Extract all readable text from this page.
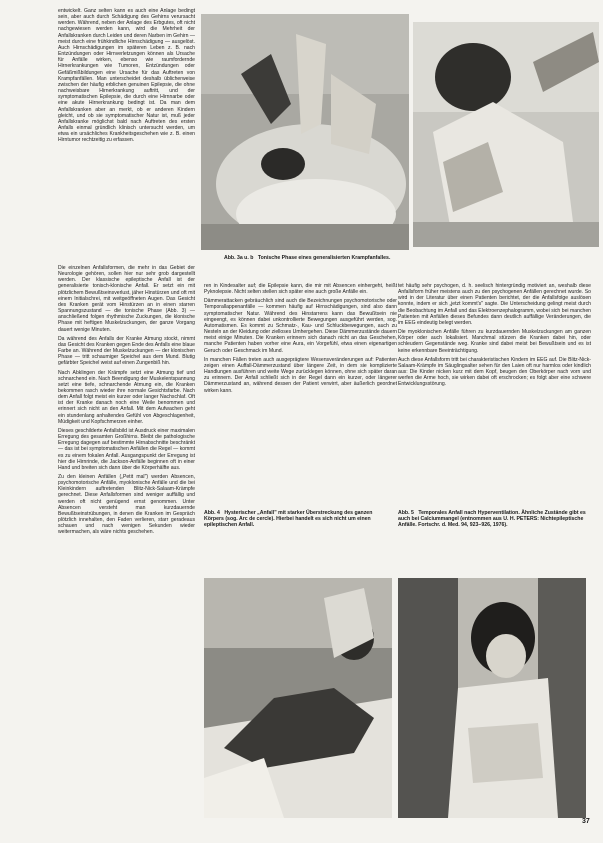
entwickelt. Ganz selten kann es auch eine Anlage bedingt sein, aber auch durch Schädigung des Gehirns verursacht werden. Während, neben der Anlage des Erbgutes, oft nicht nachgewiesen werden kann, wird die Mehrheit der Anfallskranken durch Leiden und deren Narben im Gehirn — meist durch eine frühkindliche Hirnschädigung — ausgelöst. Auch Hirnschädigungen im späteren Leben z. B. nach Entzündungen oder Hirnverletzungen können als Ursache für Anfälle wirken, ebenso wie raumfordernde Hirnerkrankungen wie Tumoren, Entzündungen oder Gefäßmißbildungen eine Ursache für das Auftreten von Krampfanfällen. Man unterscheidet deshalb üblicherweise zwischen der häufig erblichen genuinen Epilepsie, die ohne nachweisbare Hirnerkrankung auftritt, und der symptomatischen Epilepsie, die durch eine Hirnnarbe oder eine akute Hirnerkrankung bedingt ist. Da man dem Anfallskranken aber an merkt, ob er anderen Kindern gleicht, und ob sie symptomatischer Natur ist, muß jeder Anfallskranke möglichst bald nach Auftreten des ersten Anfalls einmal gründlich klinisch untersucht werden, um etwa ein ursächliches Krankheitsgeschehen wie z. B. einen Hirntumor rechtzeitig zu erfassen.

Abb. 3a u. b Tonische Phase eines generalisierten Krampfanfalles.

Die einzelnen Anfallsformen, die mehr in das Gebiet der Neurologie gehören, sollen hier nur sehr grob dargestellt werden. Der klassische epileptische Anfall ist der generalisierte tonisch-klonische Anfall. Er setzt ein mit plötzlichem Bewußtseinsverlust, jäher Hinstürzen und oft mit einem Initialschrei, mit weitgeöffneten Augen. Das Gesicht des Kranken gerät vom Hinstürzen an in einen starren Spannungszustand — die tonische Phase (Abb. 3) — anschließend folgen rhythmische Zuckungen, die klonische Phase mit heftigen Muskelzuckungen, der ganze Vorgang dauert wenige Minuten.

Da während des Anfalls der Kranke Atmung stockt, nimmt das Gesicht des Kranken gegen Ende des Anfalls eine blaue Farbe an. Während der Muskelzuckungen — der klonischen Phase — tritt schaumiger Speichel aus dem Mund. Blutig gefärbter Speichel weist auf einen Zungenbiß hin.

Nach Abklingen der Krämpfe setzt eine Atmung tief und schnarchend ein. Nach Beendigung der Muskelentspannung setzt eine tiefe, schnarchende Atmung ein, die Kranken bekommen rasch wieder ihre normale Gesichtsfarbe. Nach dem Anfall folgt meist ein kurzer oder langer Nachschlaf. Oft ist der Kranke danach noch eine Weile benommen und erinnert sich nicht an den Anfall. Mit dem Aufwachen geht ein stundenlang anhaltendes Gefühl von Abgeschlagenheit, Müdigkeit und Kopfschmerzen einher.

Dieses geschilderte Anfallsbild ist Ausdruck einer maximalen Erregung des gesamten Großhirns. Bleibt die pathologische Erregung dagegen auf bestimmte Hirnabschnitte beschränkt — das ist bei symptomatischen Anfällen die Regel — kommt es zu einem fokalen Anfall. Ausgangspunkt der Erregung ist hier die Hirnrinde, die Jackson-Anfälle beginnen oft in einer Hand und breiten sich dann über die Körperhälfte aus.

Zu den kleinen Anfällen („Petit mal") werden Absencen, psychomotorische Anfälle, myoklonische Anfälle und die bei Kleinkindern auftretenden Blitz-Nick-Salaam-Krämpfe gerechnet. Diese Anfallsformen sind weniger auffällig und werden oft nicht genügend ernst genommen. Unter Absencen versteht man kurzdauernde Bewußtseinstrübungen, in denen die Kranken im Gespräch plötzlich innehalten, den Faden verlieren, starr geradeaus schauen und nach wenigen Sekunden wieder weitermachen, als wäre nichts geschehen.

ren in Kindesalter auf; die Epilepsie kann, die mir mit Absencen einhergeht, heißt Pyknolepsie. Nicht selten stellen sich später eine auch große Anfälle ein.

Dämmerattacken gebräuchlich sind auch die Bezeichnungen psychomotorische oder Temporallappenanfälle — kommen häufig auf Hirnschädigungen, sind also dann symptomatischer Natur. Während des Hinstarrens kann das Bewußtsein nie eingeengt, es können dabei unkontrollierte Bewegungen ausgeführt werden, sog. Automatismen. Es kommt zu Schmatz-, Kau- und Schluckbewegungen, auch zu Nesteln an der Kleidung oder zielloses Umhergehen. Diese Dämmerzustände dauern meist einige Minuten. Die Kranken erinnern sich danach nicht an das Geschehen, manche Patienten haben vorher eine Aura, ein Vorgefühl, etwa einen eigenartigen Geruch oder Geschmack im Mund.

In manchen Fällen treten auch ausgeprägtere Wesensveränderungen auf: Patienten zeigen einen Auffall-Dämmerzustand über längere Zeit, in dem sie komplizierte Handlungen ausführen und weite Wege zurücklegen können, ohne sich später daran zu erinnern. Der Anfall schließt sich in der Regel dann ein kurzer, oder längerer Dämmerzustand an, während dessen der Patient verwirrt, aber äußerlich geordnet wirken kann.

tet häufig sehr psychogen, d. h. seelisch hintergründig motiviert an, weshalb diese Anfallsform früher meistens auch zu den psychogenen Anfällen gerechnet wurde. So wird in der Literatur über einen Patienten berichtet, der die Anfallsfolge auslösen konnte, indem er sich „jetzt kommt's" sagte. Die Unterscheidung gelingt meist durch die Beobachtung im Anfall und das Elektroenzephalogramm, wobei sich bei manchen Patienten mit Anfällen dieses Befundes dann deutlich auffällige Veränderungen, die im EEG eindeutig belegt werden.

Die myoklonischen Anfälle führen zu kurzdauernden Muskelzuckungen am ganzen Körper oder auch lokalisiert. Manchmal stürzen die Kranken dabei hin, oder schleudern Gegenstände weg. Kranke sind dabei meist bei Bewußtsein und es ist keine erkennbare Beeinträchtigung.

Auch diese Anfallsform tritt bei charakteristischen Kindern im EEG auf. Die Blitz-Nick-Salaam-Krämpfe im Säuglingsalter sehen für den Laien oft nur harmlos oder kindlich aus: Die Kinder nicken kurz mit dem Kopf, beugen den Oberkörper nach vorn und werfen die Arme hoch, sie wirken dabei oft erschrocken; es folgt aber eine schwere Entwicklungsstörung.

Abb. 4 Hysterischer „Anfall" mit starker Überstreckung des ganzen Körpers (sog. Arc de cercle). Hierbei handelt es sich nicht um einen epileptischen Anfall.
Abb. 5 Temporales Anfall nach Hyperventilation. Ähnliche Zustände gibt es auch bei Calciummangel (entnommen aus U. H. PETERS: Nichtepileptische Anfälle. Fortschr. d. Med. 94, 923–926, 1976).
37
